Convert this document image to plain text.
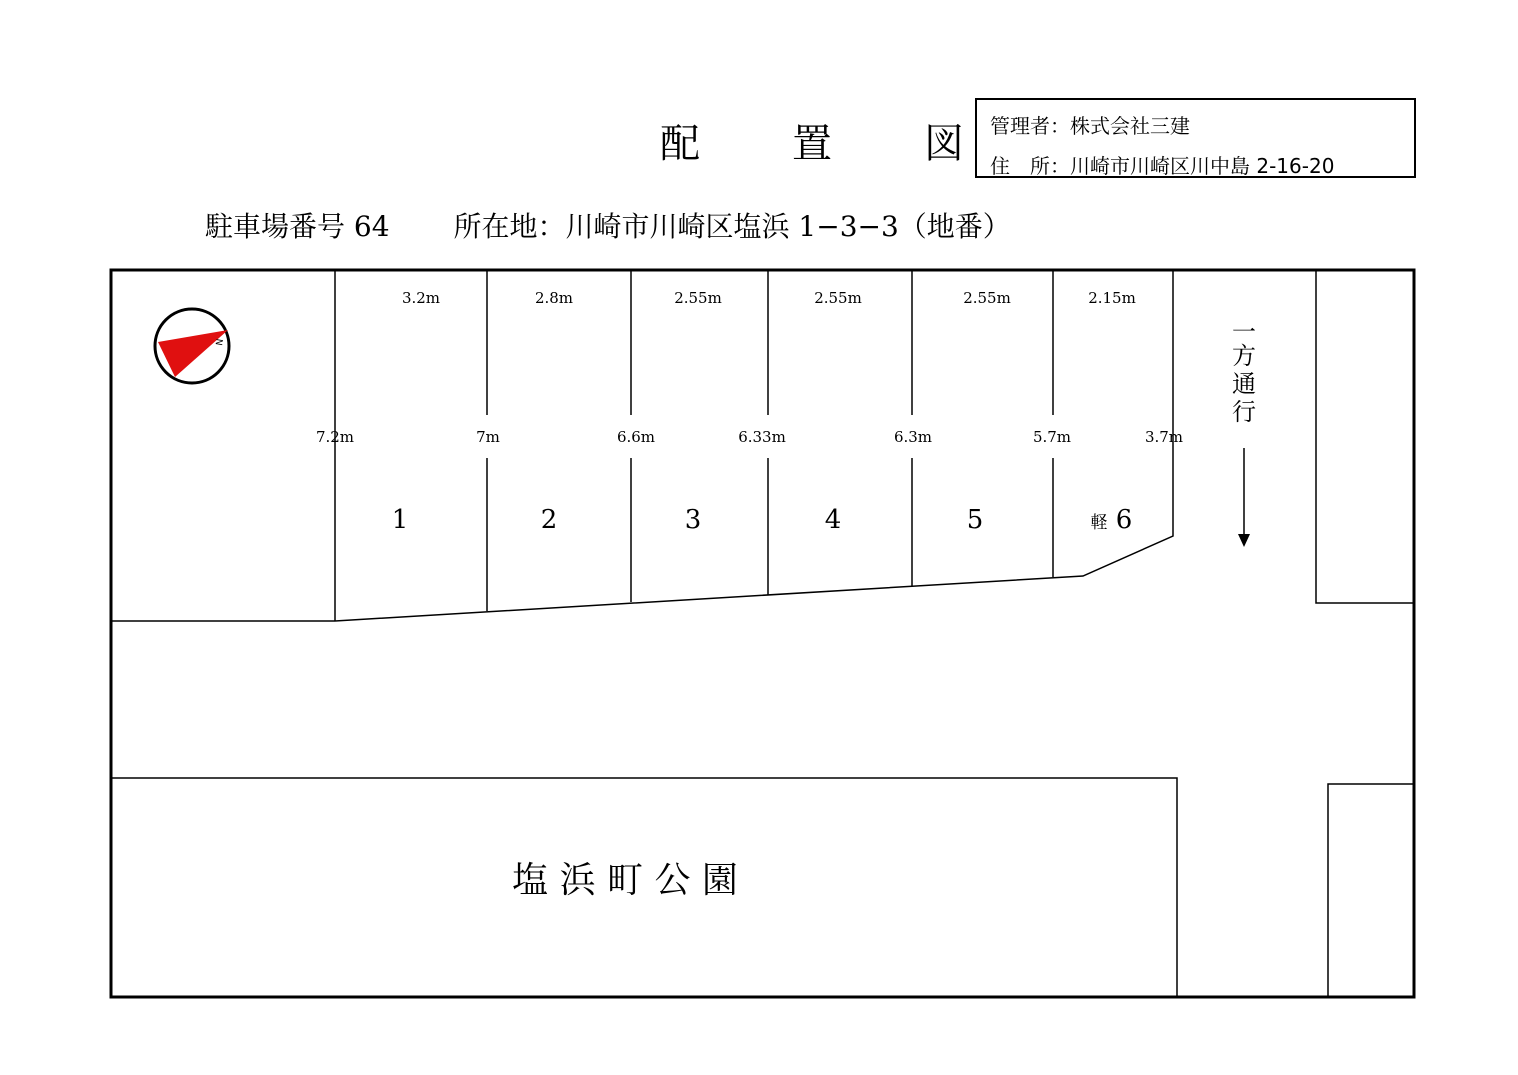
配　置　図 管理者：株式会社三建
住　所：川崎市川崎区川中島 2-16-20
駐車場番号 64 所在地：川崎市川崎区塩浜 1−3−3（地番）
塩 浜 町 公 園
N
3.2m	2.8m	2.55m	2.55m	2.55m	2.15m
7.2m	7m	6.6m	6.33m	6.3m	5.7m	3.7m
1	2	3	4	5	6
軽
一
方
通
行
